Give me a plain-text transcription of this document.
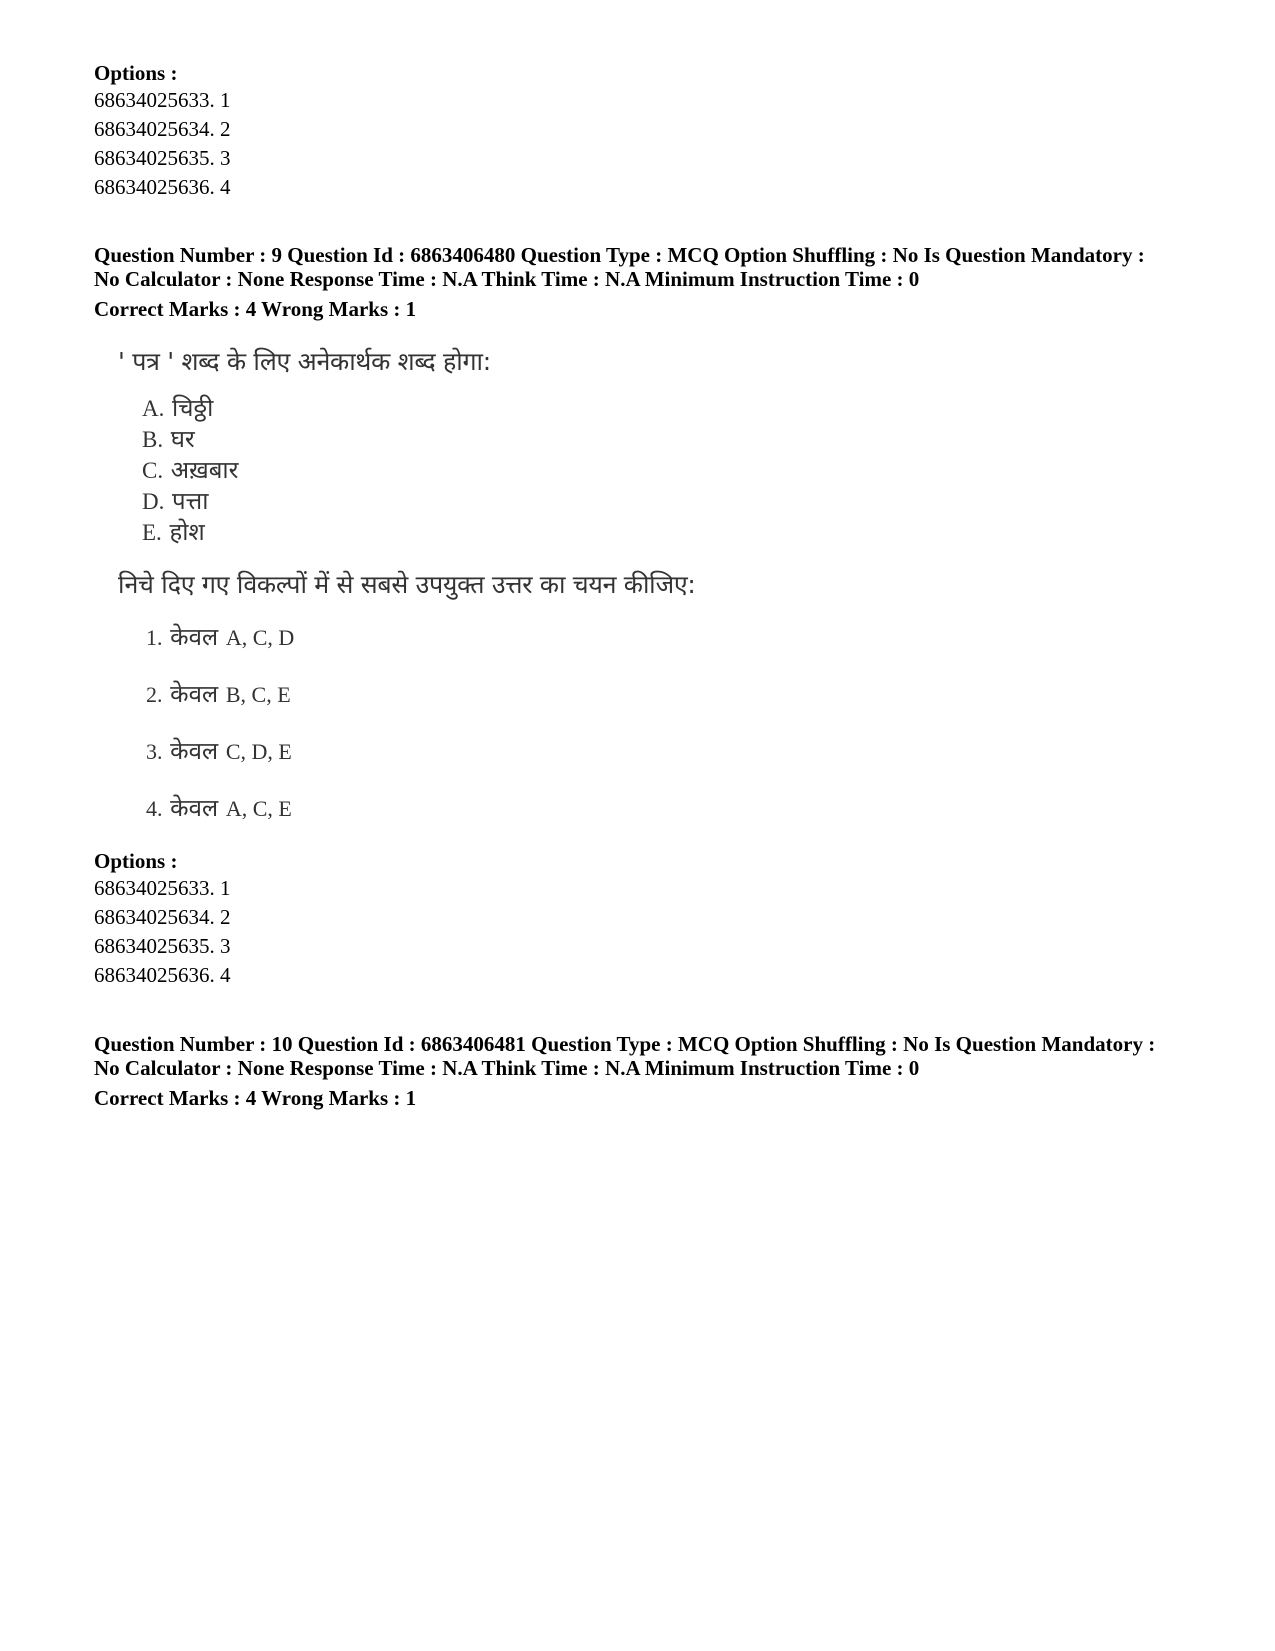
Options :
68634025633. 1
68634025634. 2
68634025635. 3
68634025636. 4
Question Number : 9 Question Id : 6863406480 Question Type : MCQ Option Shuffling : No Is Question Mandatory :
No Calculator : None Response Time : N.A Think Time : N.A Minimum Instruction Time : 0
Correct Marks : 4 Wrong Marks : 1
' पत्र ' शब्द के लिए अनेकार्थक शब्द होगा:
A. चिठ्ठी
B. घर
C. अख़बार
D. पत्ता
E. होश
निचे दिए गए विकल्पों में से सबसे उपयुक्त उत्तर का चयन कीजिए:
1. केवल A, C, D
2. केवल B, C, E
3. केवल C, D, E
4. केवल A, C, E
Options :
68634025633. 1
68634025634. 2
68634025635. 3
68634025636. 4
Question Number : 10 Question Id : 6863406481 Question Type : MCQ Option Shuffling : No Is Question Mandatory :
No Calculator : None Response Time : N.A Think Time : N.A Minimum Instruction Time : 0
Correct Marks : 4 Wrong Marks : 1
